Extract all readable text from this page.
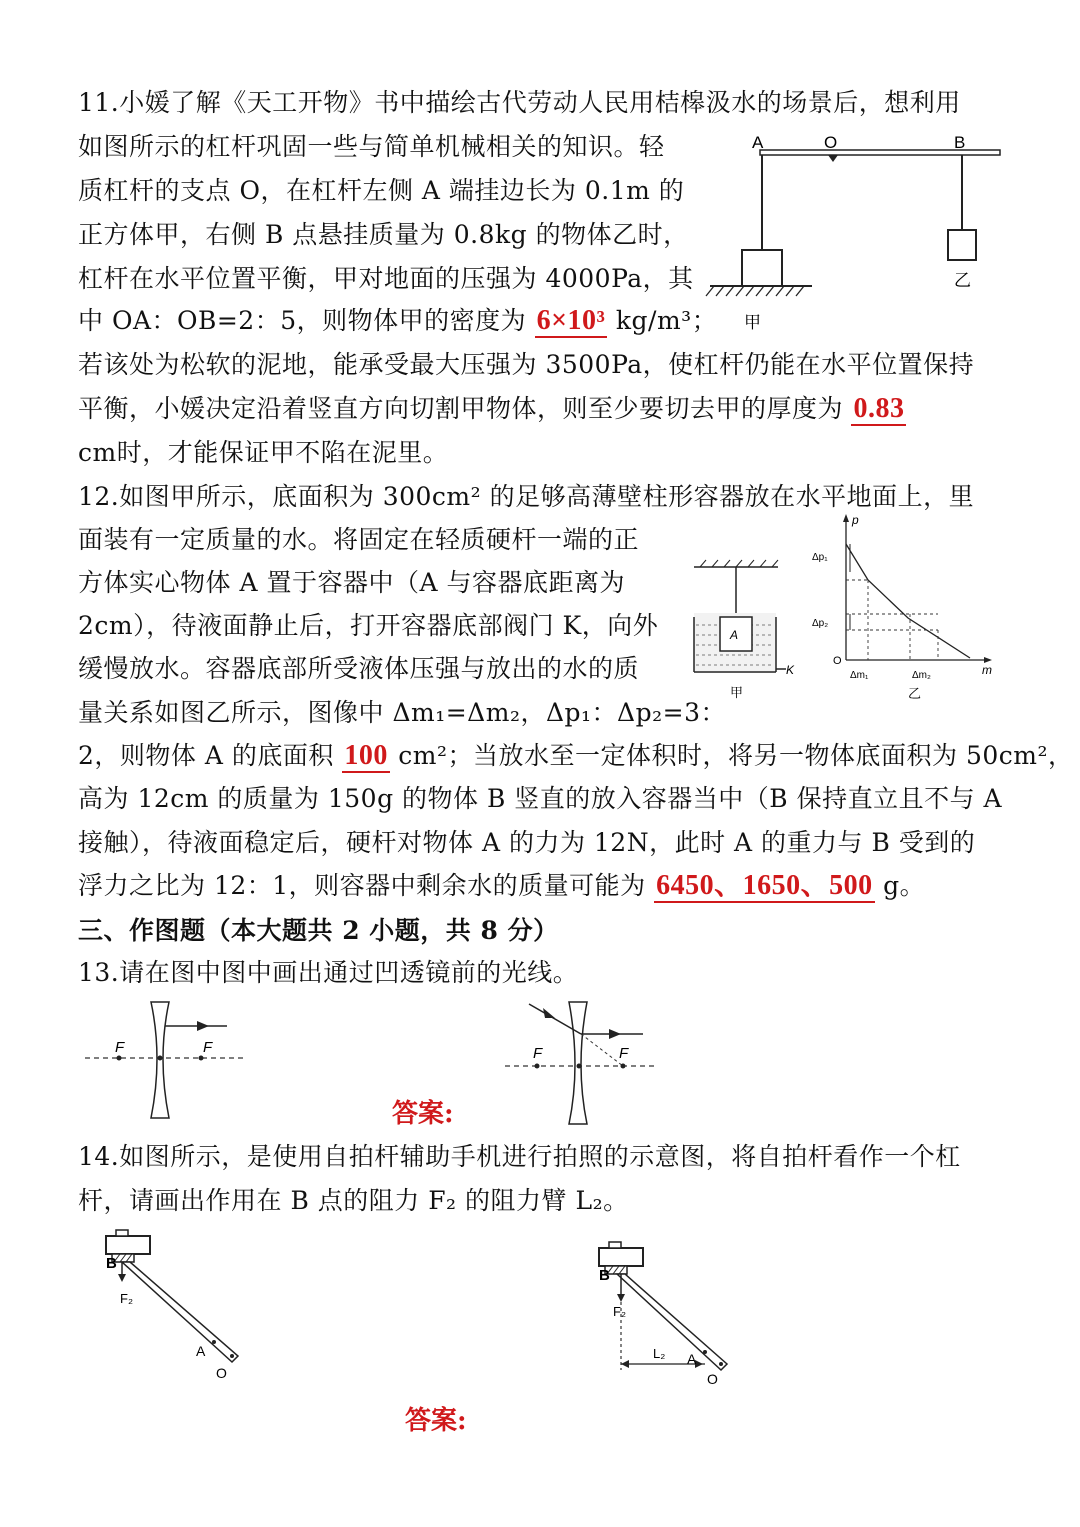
11.小媛了解《天工开物》书中描绘古代劳动人民用桔槔汲水的场景后，想利用
如图所示的杠杆巩固一些与简单机械相关的知识。轻
质杠杆的支点 O，在杠杆左侧 A 端挂边长为 0.1m 的
正方体甲，右侧 B 点悬挂质量为 0.8kg 的物体乙时，
杠杆在水平位置平衡，甲对地面的压强为 4000Pa，其
中 OA：OB=2：5，则物体甲的密度为 6×10³ kg/m³；
若该处为松软的泥地，能承受最大压强为 3500Pa，使杠杆仍能在水平位置保持
平衡，小媛决定沿着竖直方向切割甲物体，则至少要切去甲的厚度为 0.83
cm时，才能保证甲不陷在泥里。
A	O	B
甲
乙
12.如图甲所示，底面积为 300cm² 的足够高薄壁柱形容器放在水平地面上，里
面装有一定质量的水。将固定在轻质硬杆一端的正
方体实心物体 A 置于容器中（A 与容器底距离为
2cm），待液面静止后，打开容器底部阀门 K，向外
缓慢放水。容器底部所受液体压强与放出的水的质
量关系如图乙所示，图像中 Δm₁=Δm₂，Δp₁：Δp₂=3：
2，则物体 A 的底面积 100 cm²；当放水至一定体积时，将另一物体底面积为 50cm²，
高为 12cm 的质量为 150g 的物体 B 竖直的放入容器当中（B 保持直立且不与 A
接触），待液面稳定后，硬杆对物体 A 的力为 12N，此时 A 的重力与 B 受到的
浮力之比为 12：1，则容器中剩余水的质量可能为 6450、1650、500 g。
A
K
甲
p
m
O
Δp₁
Δp₂
Δm₁	Δm₂
乙
三、作图题（本大题共 2 小题，共 8 分）
13.请在图中图中画出通过凹透镜前的光线。
F	F
答案:
F	F
14.如图所示，是使用自拍杆辅助手机进行拍照的示意图，将自拍杆看作一个杠
杆，请画出作用在 B 点的阻力 F₂ 的阻力臂 L₂。
B
F₂
A
O
答案:
B
F₂
L₂ A
O
